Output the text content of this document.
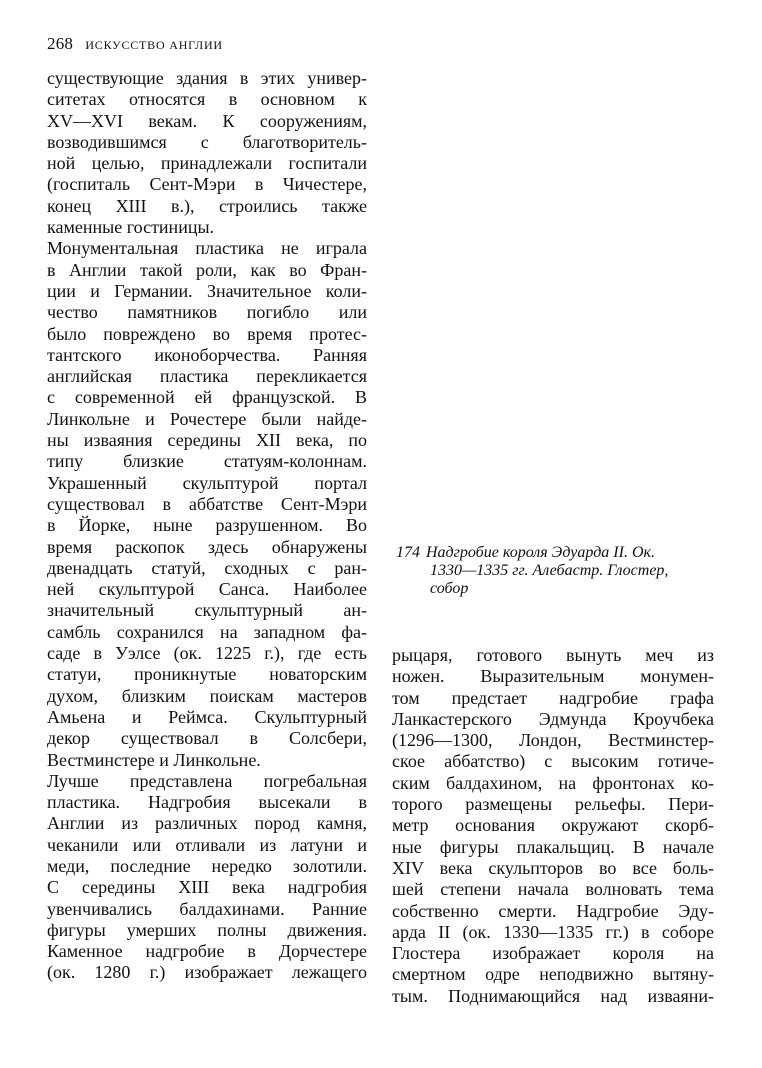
268 ИСКУССТВО АНГЛИИ
существующие здания в этих универ-
ситетах относятся в основном к
XV—XVI векам. К сооружениям,
возводившимся с благотворитель-
ной целью, принадлежали госпитали
(госпиталь Сент-Мэри в Чичестере,
конец XIII в.), строились также
каменные гостиницы.
Монументальная пластика не играла
в Англии такой роли, как во Фран-
ции и Германии. Значительное коли-
чество памятников погибло или
было повреждено во время протес-
тантского иконоборчества. Ранняя
английская пластика перекликается
с современной ей французской. В
Линкольне и Рочестере были найде-
ны изваяния середины XII века, по
типу близкие статуям-колоннам.
Украшенный скульптурой портал
существовал в аббатстве Сент-Мэри
в Йорке, ныне разрушенном. Во
время раскопок здесь обнаружены
двенадцать статуй, сходных с ран-
ней скульптурой Санса. Наиболее
значительный скульптурный ан-
самбль сохранился на западном фа-
саде в Уэлсе (ок. 1225 г.), где есть
статуи, проникнутые новаторским
духом, близким поискам мастеров
Амьена и Реймса. Скульптурный
декор существовал в Солсбери,
Вестминстере и Линкольне.
Лучше представлена погребальная
пластика. Надгробия высекали в
Англии из различных пород камня,
чеканили или отливали из латуни и
меди, последние нередко золотили.
С середины XIII века надгробия
увенчивались балдахинами. Ранние
фигуры умерших полны движения.
Каменное надгробие в Дорчестере
(ок. 1280 г.) изображает лежащего
174 Надгробие короля Эдуарда II. Ок.
1330—1335 гг. Алебастр. Глостер,
собор
рыцаря, готового вынуть меч из
ножен. Выразительным монумен-
том предстает надгробие графа
Ланкастерского Эдмунда Кроучбека
(1296—1300, Лондон, Вестминстер-
ское аббатство) с высоким готиче-
ским балдахином, на фронтонах ко-
торого размещены рельефы. Пери-
метр основания окружают скорб-
ные фигуры плакальщиц. В начале
XIV века скульпторов во все боль-
шей степени начала волновать тема
собственно смерти. Надгробие Эду-
арда II (ок. 1330—1335 гг.) в соборе
Глостера изображает короля на
смертном одре неподвижно вытяну-
тым. Поднимающийся над изваяни-
